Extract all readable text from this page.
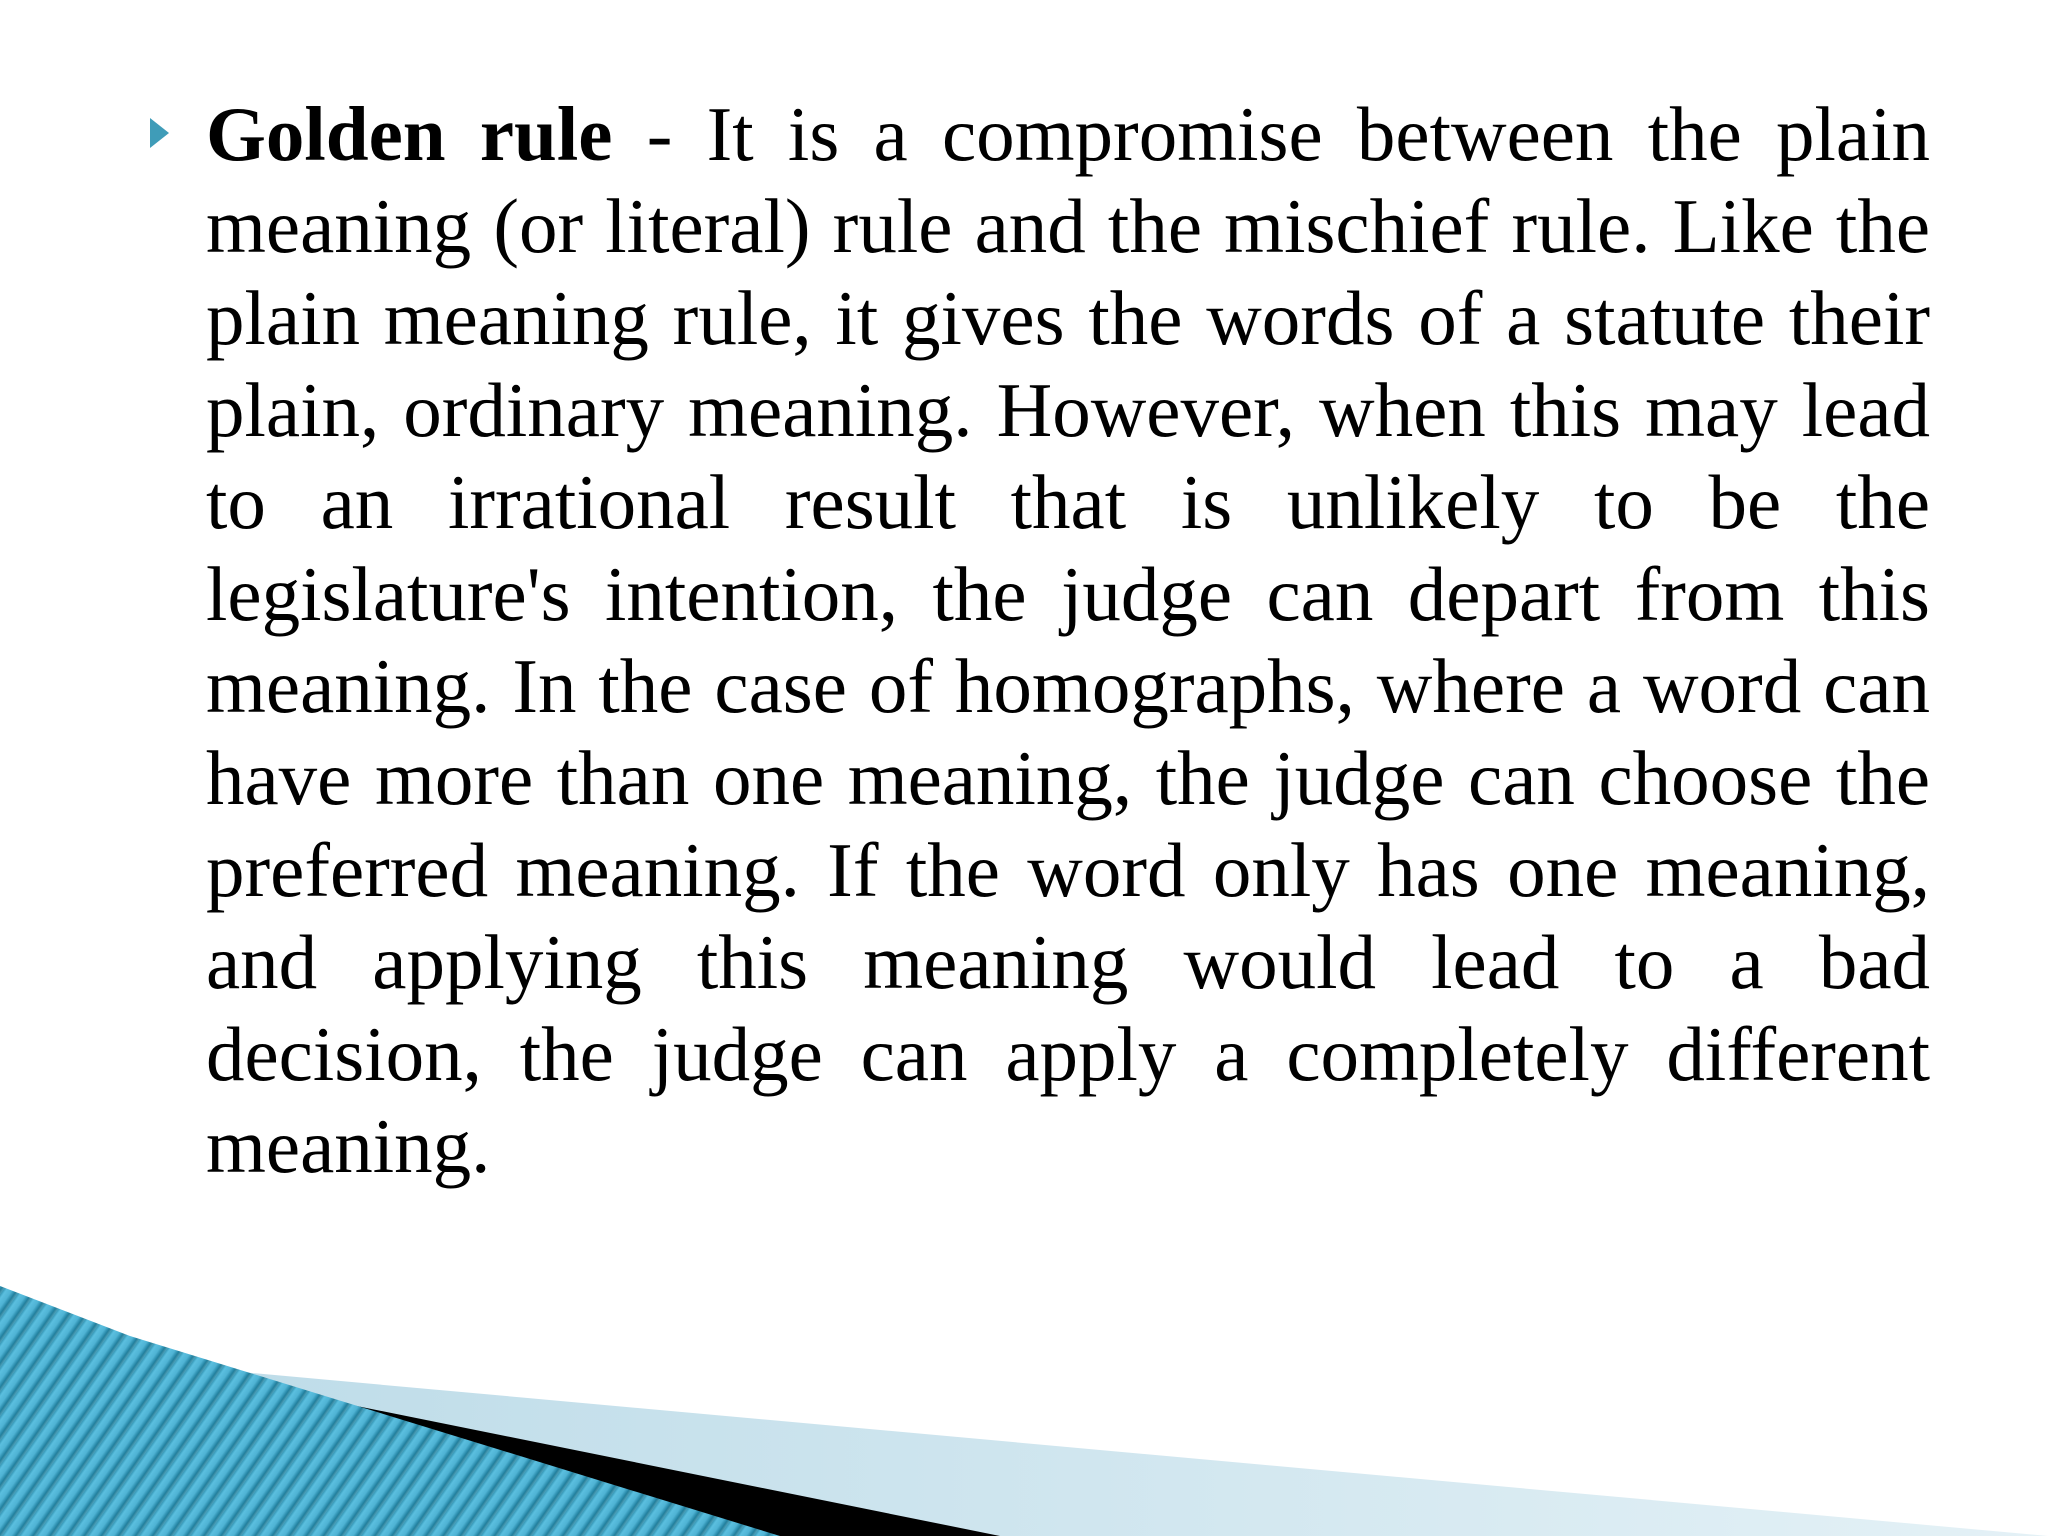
Golden rule - It is a compromise between the plain meaning (or literal) rule and the mischief rule. Like the plain meaning rule, it gives the words of a statute their plain, ordinary meaning. However, when this may lead to an irrational result that is unlikely to be the legislature's intention, the judge can depart from this meaning. In the case of homographs, where a word can have more than one meaning, the judge can choose the preferred meaning. If the word only has one meaning, and applying this meaning would lead to a bad decision, the judge can apply a completely different meaning.
